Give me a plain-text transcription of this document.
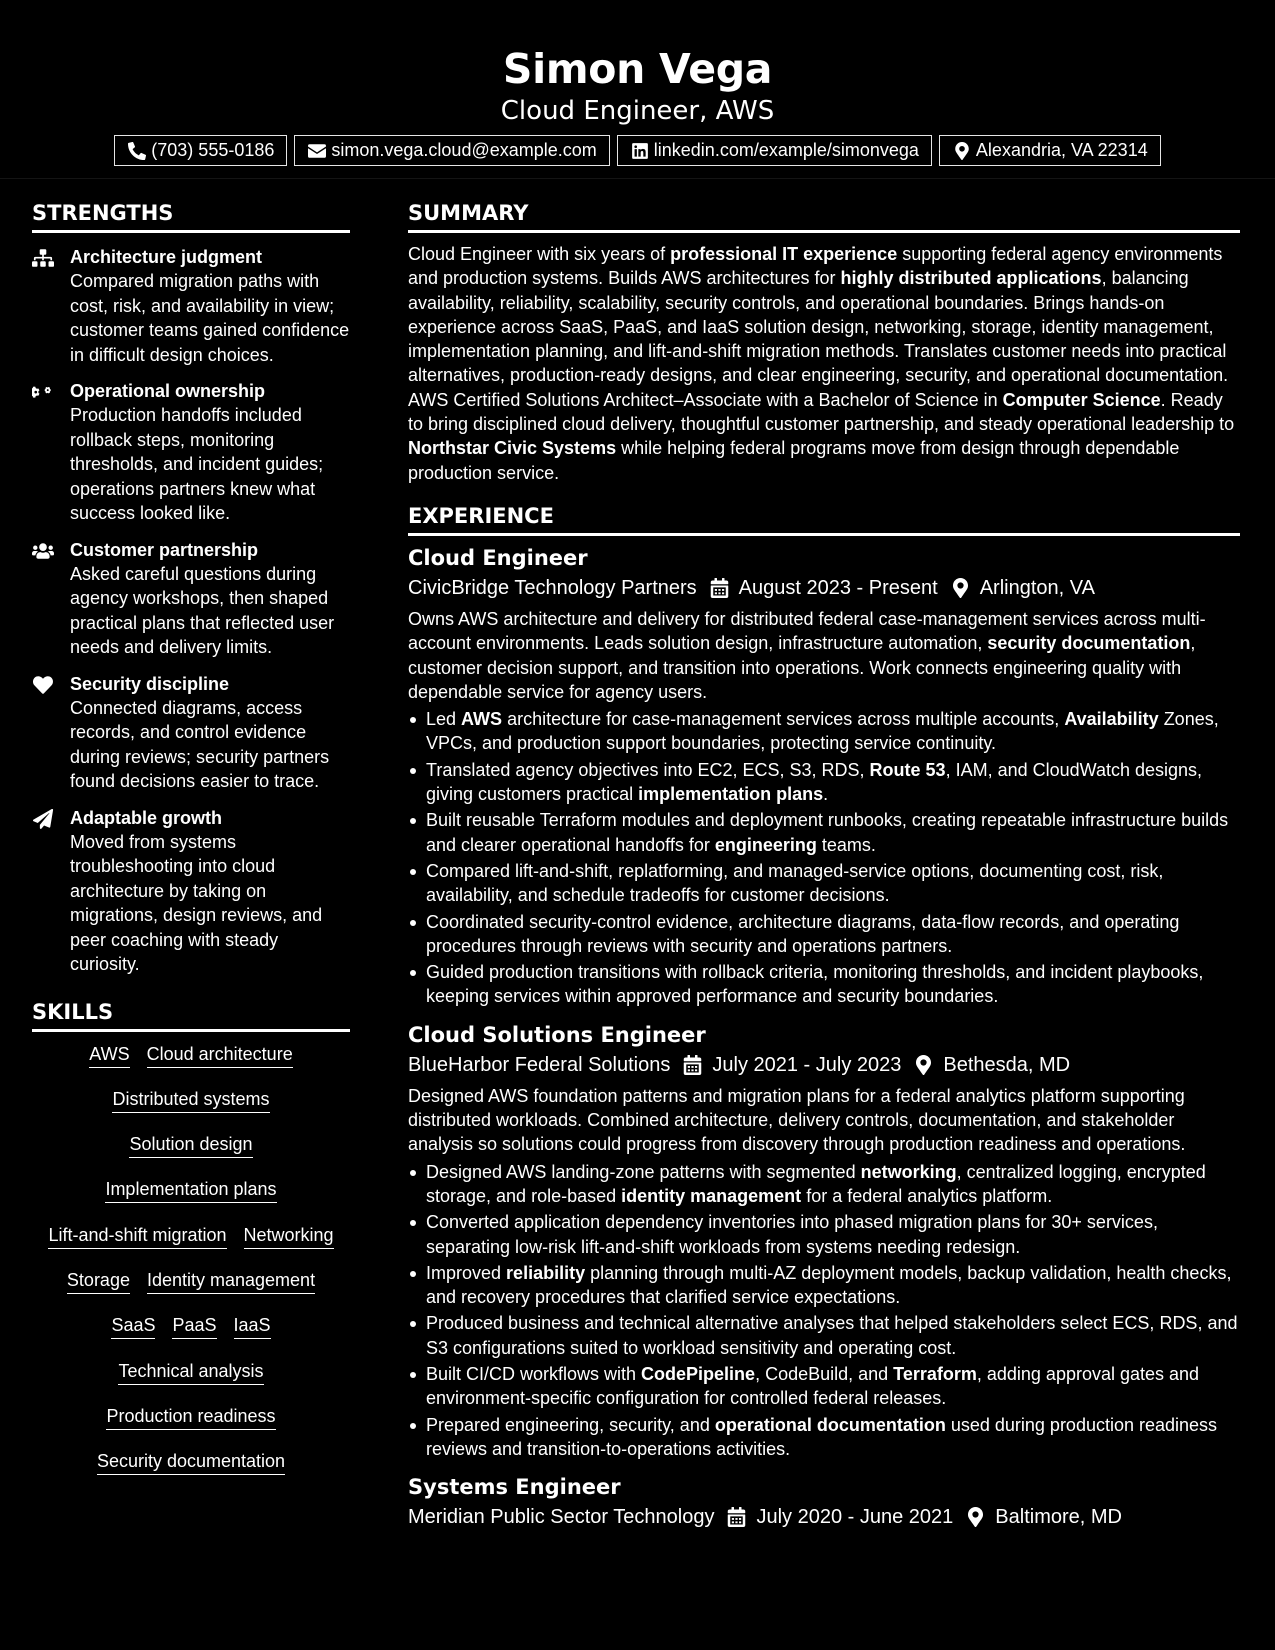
Simon Vega
Cloud Engineer, AWS
(703) 555-0186	simon.vega.cloud@example.com	linkedin.com/example/simonvega	Alexandria, VA 22314
STRENGTHS
Architecture judgment
Compared migration paths with cost, risk, and availability in view; customer teams gained confidence in difficult design choices.
Operational ownership
Production handoffs included rollback steps, monitoring thresholds, and incident guides; operations partners knew what success looked like.
Customer partnership
Asked careful questions during agency workshops, then shaped practical plans that reflected user needs and delivery limits.
Security discipline
Connected diagrams, access records, and control evidence during reviews; security partners found decisions easier to trace.
Adaptable growth
Moved from systems troubleshooting into cloud architecture by taking on migrations, design reviews, and peer coaching with steady curiosity.
SKILLS
AWS Cloud architecture
Distributed systems
Solution design
Implementation plans
Lift-and-shift migration Networking
Storage Identity management
SaaS PaaS IaaS
Technical analysis
Production readiness
Security documentation
SUMMARY

Cloud Engineer with six years of professional IT experience supporting federal agency environments and production systems. Builds AWS architectures for highly distributed applications, balancing availability, reliability, scalability, security controls, and operational boundaries. Brings hands-on experience across SaaS, PaaS, and IaaS solution design, networking, storage, identity management, implementation planning, and lift-and-shift migration methods. Translates customer needs into practical alternatives, production-ready designs, and clear engineering, security, and operational documentation. AWS Certified Solutions Architect–Associate with a Bachelor of Science in Computer Science. Ready to bring disciplined cloud delivery, thoughtful customer partnership, and steady operational leadership to Northstar Civic Systems while helping federal programs move from design through dependable production service.

EXPERIENCE
Cloud Engineer
CivicBridge Technology Partners August 2023 - Present Arlington, VA

Owns AWS architecture and delivery for distributed federal case-management services across multi-account environments. Leads solution design, infrastructure automation, security documentation, customer decision support, and transition into operations. Work connects engineering quality with dependable service for agency users.

Led AWS architecture for case-management services across multiple accounts, Availability Zones, VPCs, and production support boundaries, protecting service continuity.
Translated agency objectives into EC2, ECS, S3, RDS, Route 53, IAM, and CloudWatch designs, giving customers practical implementation plans.
Built reusable Terraform modules and deployment runbooks, creating repeatable infrastructure builds and clearer operational handoffs for engineering teams.
Compared lift-and-shift, replatforming, and managed-service options, documenting cost, risk, availability, and schedule tradeoffs for customer decisions.
Coordinated security-control evidence, architecture diagrams, data-flow records, and operating procedures through reviews with security and operations partners.
Guided production transitions with rollback criteria, monitoring thresholds, and incident playbooks, keeping services within approved performance and security boundaries.
Cloud Solutions Engineer
BlueHarbor Federal Solutions July 2021 - July 2023 Bethesda, MD

Designed AWS foundation patterns and migration plans for a federal analytics platform supporting distributed workloads. Combined architecture, delivery controls, documentation, and stakeholder analysis so solutions could progress from discovery through production readiness and operations.

Designed AWS landing-zone patterns with segmented networking, centralized logging, encrypted storage, and role-based identity management for a federal analytics platform.
Converted application dependency inventories into phased migration plans for 30+ services, separating low-risk lift-and-shift workloads from systems needing redesign.
Improved reliability planning through multi-AZ deployment models, backup validation, health checks, and recovery procedures that clarified service expectations.
Produced business and technical alternative analyses that helped stakeholders select ECS, RDS, and S3 configurations suited to workload sensitivity and operating cost.
Built CI/CD workflows with CodePipeline, CodeBuild, and Terraform, adding approval gates and environment-specific configuration for controlled federal releases.
Prepared engineering, security, and operational documentation used during production readiness reviews and transition-to-operations activities.
Systems Engineer
Meridian Public Sector Technology July 2020 - June 2021 Baltimore, MD
